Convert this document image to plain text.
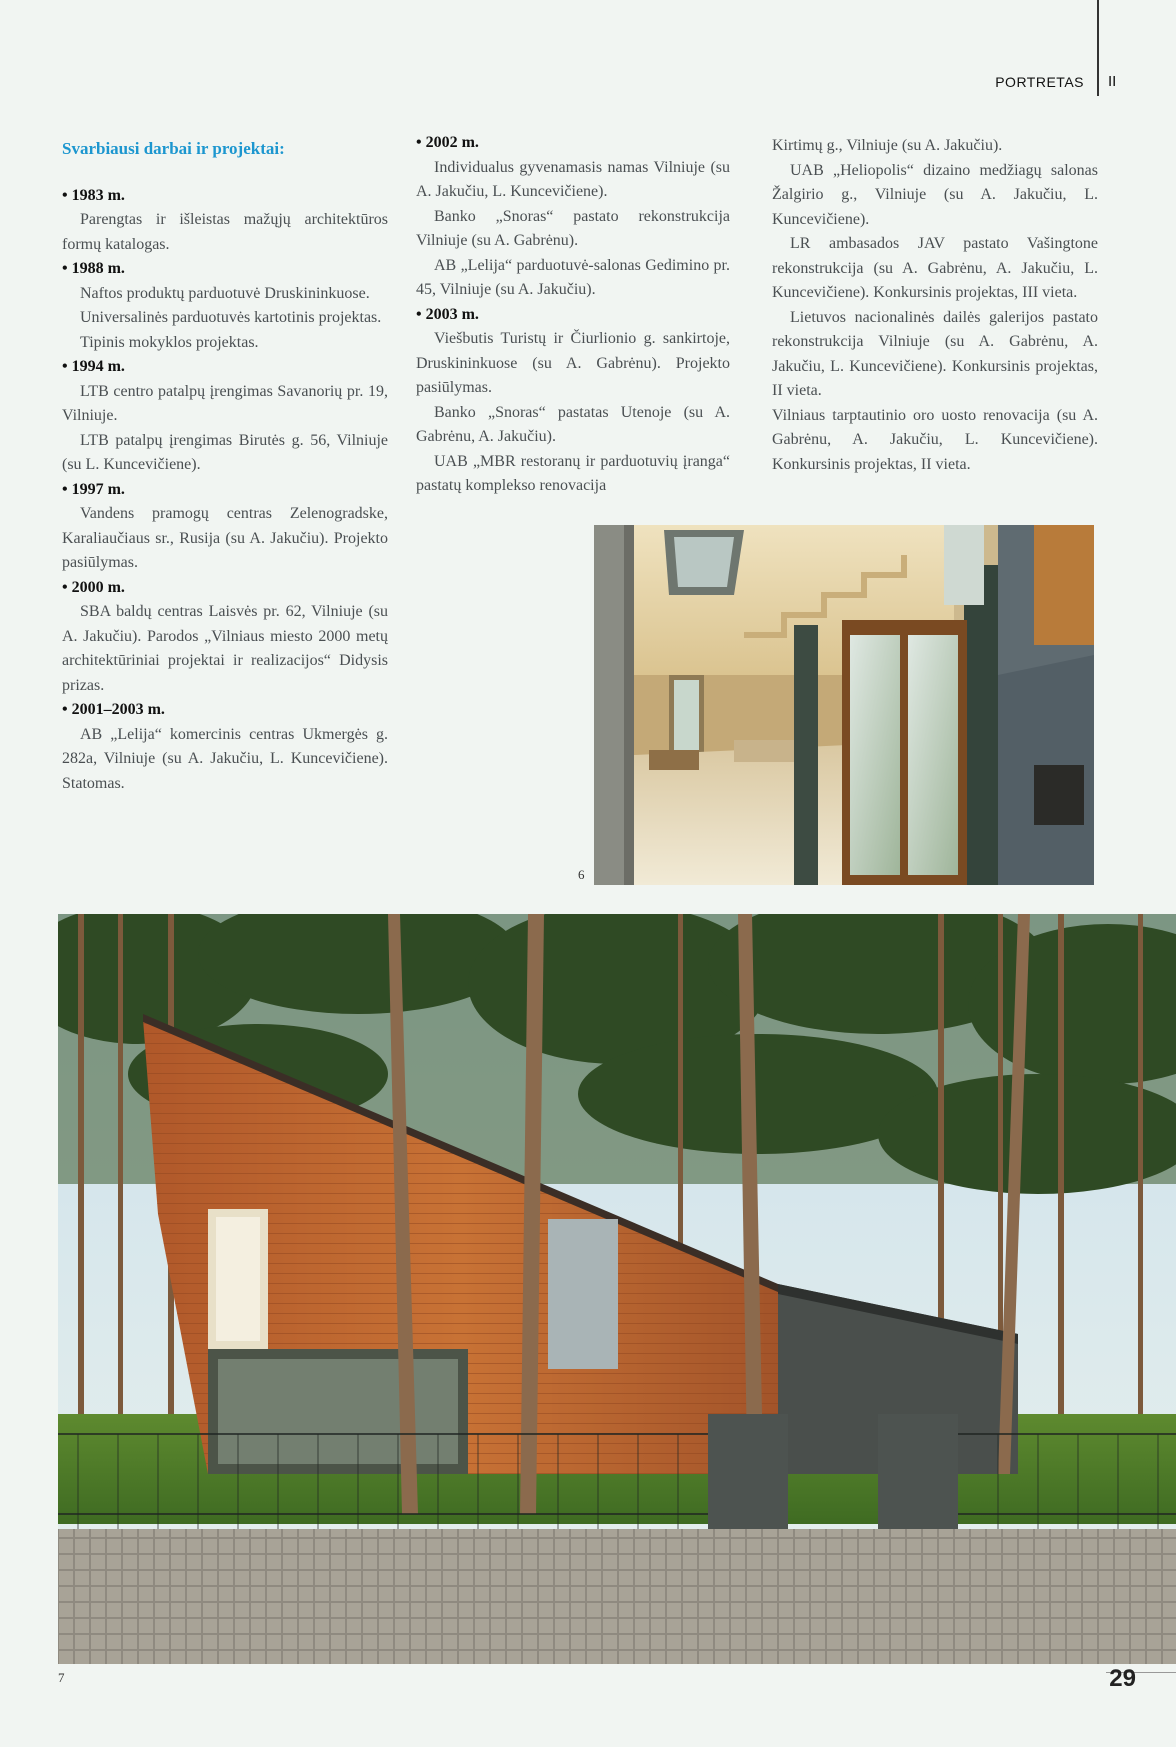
PORTRETAS II

Svarbiausi darbai ir projektai:

• 1983 m.

Parengtas ir išleistas mažųjų architektūros formų katalogas.

• 1988 m.

Naftos produktų parduotuvė Druskininkuose.

Universalinės parduotuvės kartotinis projektas.

Tipinis mokyklos projektas.

• 1994 m.

LTB centro patalpų įrengimas Savanorių pr. 19, Vilniuje.

LTB patalpų įrengimas Birutės g. 56, Vilniuje (su L. Kuncevičiene).

• 1997 m.

Vandens pramogų centras Zelenogradske, Karaliaučiaus sr., Rusija (su A. Jakučiu). Projekto pasiūlymas.

• 2000 m.

SBA baldų centras Laisvės pr. 62, Vilniuje (su A. Jakučiu). Parodos „Vilniaus miesto 2000 metų architektūriniai projektai ir realizacijos“ Didysis prizas.

• 2001–2003 m.

AB „Lelija“ komercinis centras Ukmergės g. 282a, Vilniuje (su A. Jakučiu, L. Kuncevičiene). Statomas.

• 2002 m.

Individualus gyvenamasis namas Vilniuje (su A. Jakučiu, L. Kuncevičiene).

Banko „Snoras“ pastato rekonstrukcija Vilniuje (su A. Gabrėnu).

AB „Lelija“ parduotuvė-salonas Gedimino pr. 45, Vilniuje (su A. Jakučiu).

• 2003 m.

Viešbutis Turistų ir Čiurlionio g. sankirtoje, Druskininkuose (su A. Gabrėnu). Projekto pasiūlymas.

Banko „Snoras“ pastatas Utenoje (su A. Gabrėnu, A. Jakučiu).

UAB „MBR restoranų ir parduotuvių įranga“ pastatų komplekso renovacija

Kirtimų g., Vilniuje (su A. Jakučiu).

UAB „Heliopolis“ dizaino medžiagų salonas Žalgirio g., Vilniuje (su A. Jakučiu, L. Kuncevičiene).

LR ambasados JAV pastato Vašingtone rekonstrukcija (su A. Gabrėnu, A. Jakučiu, L. Kuncevičiene). Konkursinis projektas, III vieta.

Lietuvos nacionalinės dailės galerijos pastato rekonstrukcija Vilniuje (su A. Gabrėnu, A. Jakučiu, L. Kuncevičiene). Konkursinis projektas, II vieta.

Vilniaus tarptautinio oro uosto renovacija (su A. Gabrėnu, A. Jakučiu, L. Kuncevičiene). Konkursinis projektas, II vieta.

6
7	29
